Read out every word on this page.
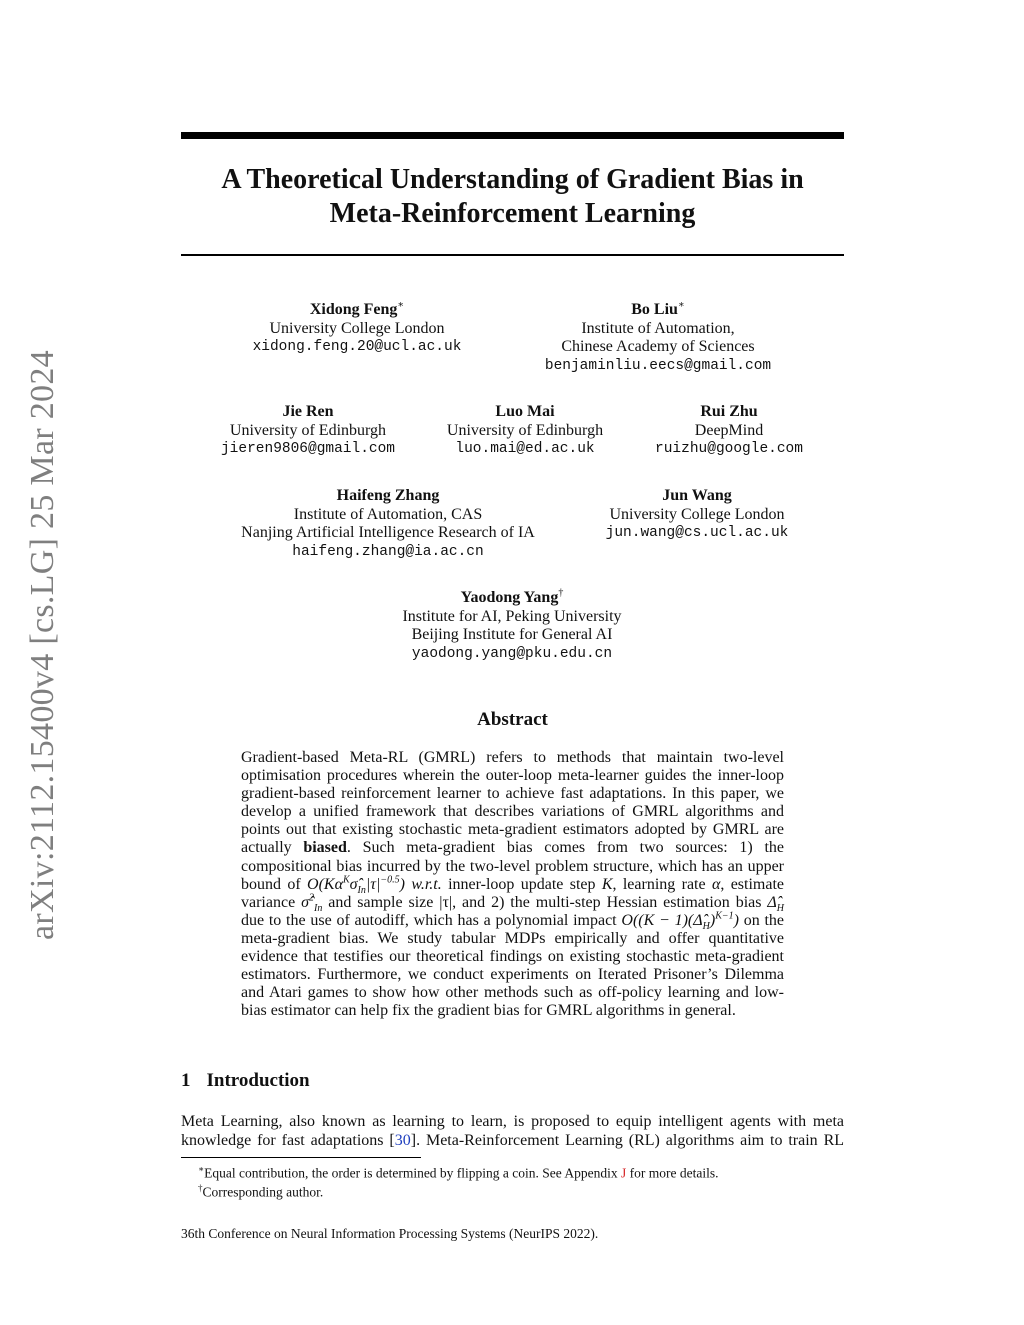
arXiv:2112.15400v4 [cs.LG] 25 Mar 2024
A Theoretical Understanding of Gradient Bias in
Meta-Reinforcement Learning
Xidong Feng∗
University College London
xidong.feng.20@ucl.ac.uk
Bo Liu∗
Institute of Automation,
Chinese Academy of Sciences
benjaminliu.eecs@gmail.com
Jie Ren
University of Edinburgh
jieren9806@gmail.com
Luo Mai
University of Edinburgh
luo.mai@ed.ac.uk
Rui Zhu
DeepMind
ruizhu@google.com
Haifeng Zhang
Institute of Automation, CAS
Nanjing Artificial Intelligence Research of IA
haifeng.zhang@ia.ac.cn
Jun Wang
University College London
jun.wang@cs.ucl.ac.uk
Yaodong Yang†
Institute for AI, Peking University
Beijing Institute for General AI
yaodong.yang@pku.edu.cn
Abstract
Gradient-based Meta-RL (GMRL) refers to methods that maintain two-level optimisation procedures wherein the outer-loop meta-learner guides the inner-loop gradient-based reinforcement learner to achieve fast adaptations. In this paper, we develop a unified framework that describes variations of GMRL algorithms and points out that existing stochastic meta-gradient estimators adopted by GMRL are actually biased. Such meta-gradient bias comes from two sources: 1) the compositional bias incurred by the two-level problem structure, which has an upper bound of $O(K\alpha^K\sigmâ_{In}|\tau|^{-0.5})$ w.r.t. inner-loop update step K, learning rate α, estimate variance σ̂$^2_{In}$ and sample size |τ|, and 2) the multi-step Hessian estimation bias $\Deltâ_H$ due to the use of autodiff, which has a polynomial impact $O((K - 1)(\Deltâ_H)^{K-1})$ on the meta-gradient bias. We study tabular MDPs empirically and offer quantitative evidence that testifies our theoretical findings on existing stochastic meta-gradient estimators. Furthermore, we conduct experiments on Iterated Prisoner’s Dilemma and Atari games to show how other methods such as off-policy learning and low-bias estimator can help fix the gradient bias for GMRL algorithms in general.
1 Introduction
Meta Learning, also known as learning to learn, is proposed to equip intelligent agents with meta knowledge for fast adaptations [30]. Meta-Reinforcement Learning (RL) algorithms aim to train RL
∗Equal contribution, the order is determined by flipping a coin. See Appendix J for more details.
†Corresponding author.
36th Conference on Neural Information Processing Systems (NeurIPS 2022).
